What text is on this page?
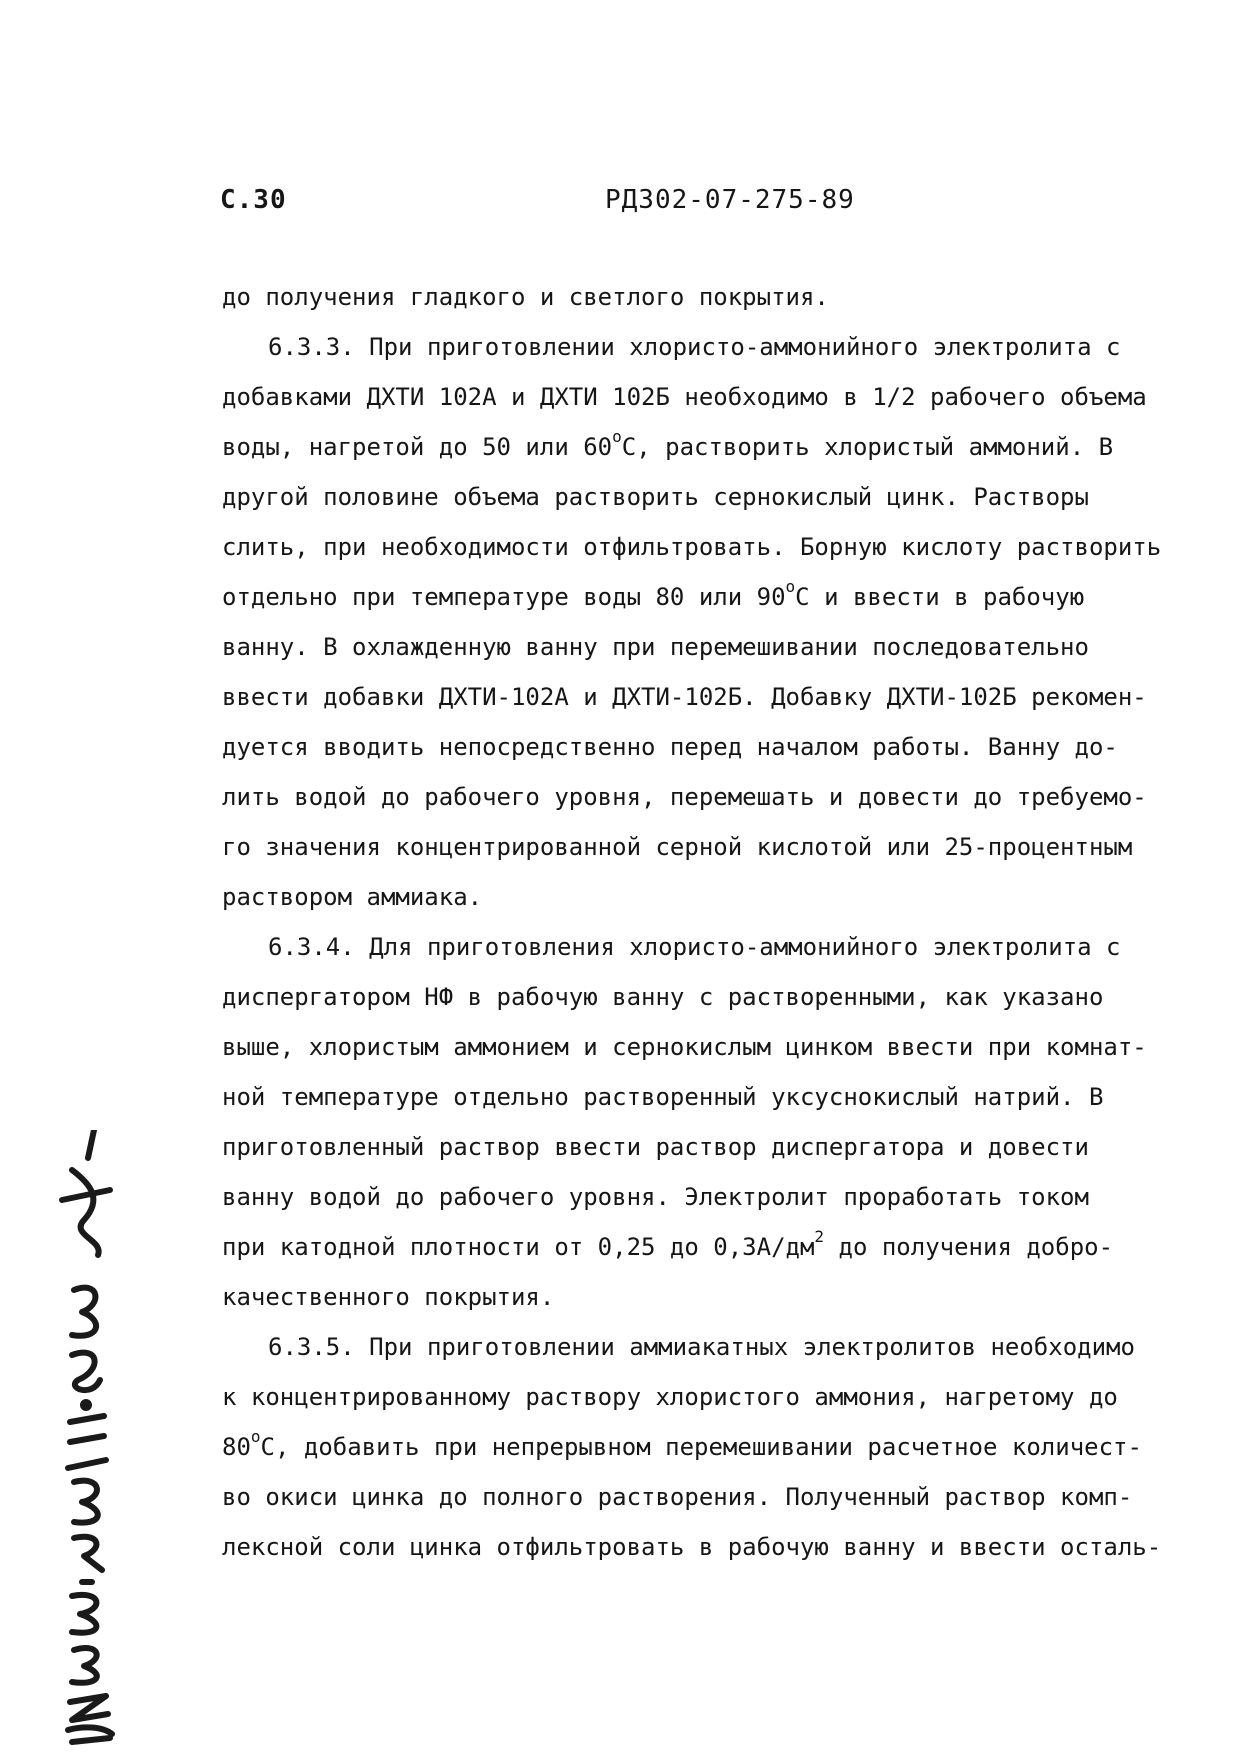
С.30	РД302-07-275-89
до получения гладкого и светлого покрытия.
6.3.3. При приготовлении хлористо-аммонийного электролита с
добавками ДХТИ 102А и ДХТИ 102Б необходимо в 1/2 рабочего объема
воды, нагретой до 50 или $60^оС$, растворить хлористый аммоний. В
другой половине объема растворить сернокислый цинк. Растворы
слить, при необходимости отфильтровать. Борную кислоту растворить
отдельно при температуре воды 80 или $90^оС$ и ввести в рабочую
ванну. В охлажденную ванну при перемешивании последовательно
ввести добавки ДХТИ-102А и ДХТИ-102Б. Добавку ДХТИ-102Б рекомен-
дуется вводить непосредственно перед началом работы. Ванну до-
лить водой до рабочего уровня, перемешать и довести до требуемо-
го значения концентрированной серной кислотой или 25-процентным
раствором аммиака.
6.3.4. Для приготовления хлористо-аммонийного электролита с
диспергатором НФ в рабочую ванну с растворенными, как указано
выше, хлористым аммонием и сернокислым цинком ввести при комнат-
ной температуре отдельно растворенный уксуснокислый натрий. В
приготовленный раствор ввести раствор диспергатора и довести
ванну водой до рабочего уровня. Электролит проработать током
при катодной плотности от 0,25 до $0,3А/дм^2$ до получения добро-
качественного покрытия.
6.3.5. При приготовлении аммиакатных электролитов необходимо
к концентрированному раствору хлористого аммония, нагретому до
$80^оС$, добавить при непрерывном перемешивании расчетное количест-
во окиси цинка до полного растворения. Полученный раствор комп-
лексной соли цинка отфильтровать в рабочую ванну и ввести осталь-
